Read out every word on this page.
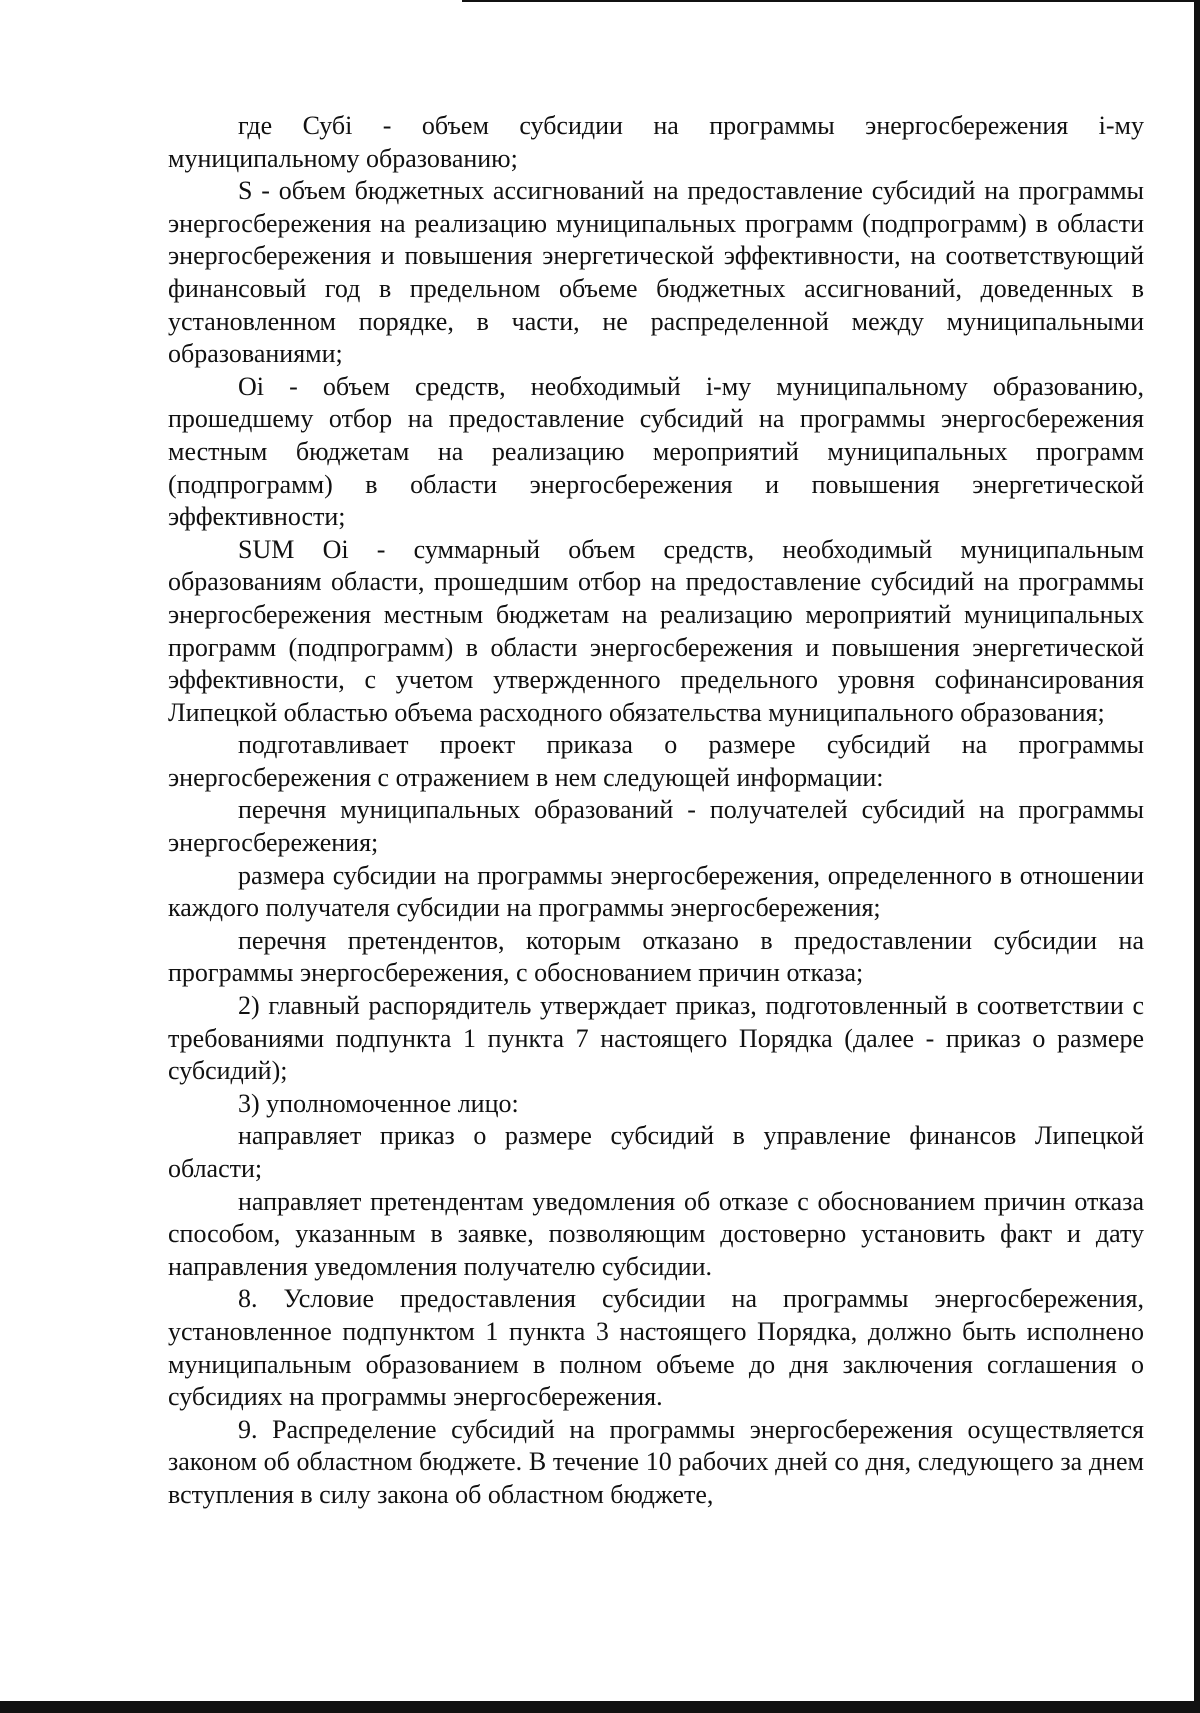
где Субi - объем субсидии на программы энергосбережения i-му муниципальному образованию;

S - объем бюджетных ассигнований на предоставление субсидий на программы энергосбережения на реализацию муниципальных программ (подпрограмм) в области энергосбережения и повышения энергетической эффективности, на соответствующий финансовый год в предельном объеме бюджетных ассигнований, доведенных в установленном порядке, в части, не распределенной между муниципальными образованиями;

Oi - объем средств, необходимый i-му муниципальному образованию, прошедшему отбор на предоставление субсидий на программы энергосбережения местным бюджетам на реализацию мероприятий муниципальных программ (подпрограмм) в области энергосбережения и повышения энергетической эффективности;

SUM Oi - суммарный объем средств, необходимый муниципальным образованиям области, прошедшим отбор на предоставление субсидий на программы энергосбережения местным бюджетам на реализацию мероприятий муниципальных программ (подпрограмм) в области энергосбережения и повышения энергетической эффективности, с учетом утвержденного предельного уровня софинансирования Липецкой областью объема расходного обязательства муниципального образования;

подготавливает проект приказа о размере субсидий на программы энергосбережения с отражением в нем следующей информации:

перечня муниципальных образований - получателей субсидий на программы энергосбережения;

размера субсидии на программы энергосбережения, определенного в отношении каждого получателя субсидии на программы энергосбережения;

перечня претендентов, которым отказано в предоставлении субсидии на программы энергосбережения, с обоснованием причин отказа;

2) главный распорядитель утверждает приказ, подготовленный в соответствии с требованиями подпункта 1 пункта 7 настоящего Порядка (далее - приказ о размере субсидий);

3) уполномоченное лицо:

направляет приказ о размере субсидий в управление финансов Липецкой области;

направляет претендентам уведомления об отказе с обоснованием причин отказа способом, указанным в заявке, позволяющим достоверно установить факт и дату направления уведомления получателю субсидии.

8. Условие предоставления субсидии на программы энергосбережения, установленное подпунктом 1 пункта 3 настоящего Порядка, должно быть исполнено муниципальным образованием в полном объеме до дня заключения соглашения о субсидиях на программы энергосбережения.

9. Распределение субсидий на программы энергосбережения осуществляется законом об областном бюджете. В течение 10 рабочих дней со дня, следующего за днем вступления в силу закона об областном бюджете,
